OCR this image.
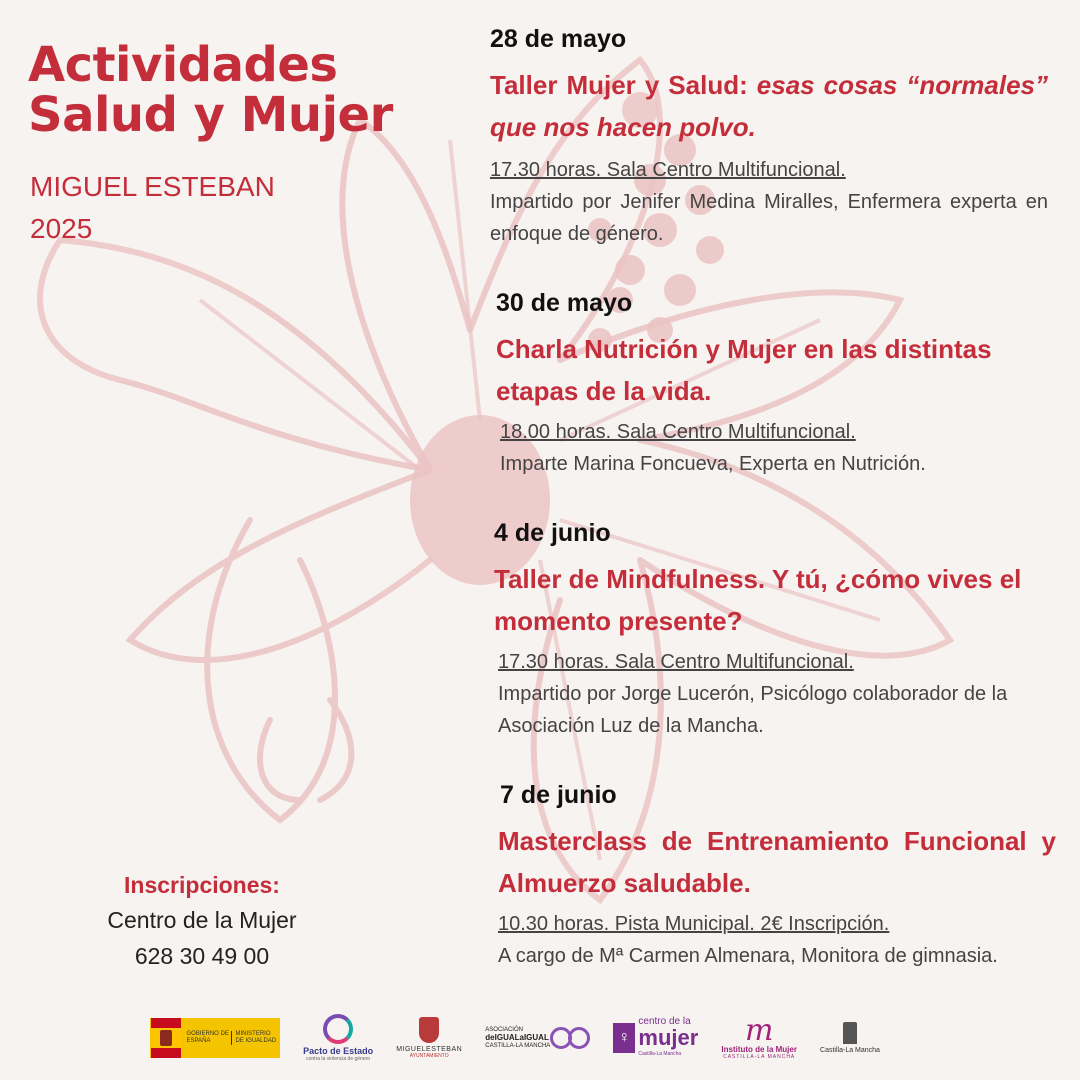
Actividades
Salud y Mujer
MIGUEL ESTEBAN
2025
28 de mayo
Taller Mujer y Salud: esas cosas “normales” que nos hacen polvo.
17.30 horas. Sala Centro Multifuncional.
Impartido por Jenifer Medina Miralles, Enfermera experta en enfoque de género.
30 de mayo
Charla Nutrición y Mujer en las distintas etapas de la vida.
18.00 horas. Sala Centro Multifuncional.
Imparte Marina Foncueva, Experta en Nutrición.
4 de junio
Taller de Mindfulness. Y tú, ¿cómo vives el momento presente?
17.30 horas. Sala Centro Multifuncional.
Impartido por Jorge Lucerón, Psicólogo colaborador de la Asociación Luz de la Mancha.
7 de junio
Masterclass de Entrenamiento Funcional y Almuerzo saludable.
10.30 horas. Pista Municipal. 2€ Inscripción.
A cargo de Mª Carmen Almenara, Monitora de gimnasia.
Inscripciones:
Centro de la Mujer
628 30 49 00
GOBIERNO DE ESPAÑA
MINISTERIO DE IGUALDAD
Pacto de Estado
contra la violencia de género
MIGUELESTEBAN
AYUNTAMIENTO
ASOCIACIÓN
deIGUALaIGUAL
CASTILLA-LA MANCHA	♀
centro de la
mujer
Castilla-La Mancha
m
Instituto de la Mujer
CASTILLA-LA MANCHA
Castilla-La Mancha
